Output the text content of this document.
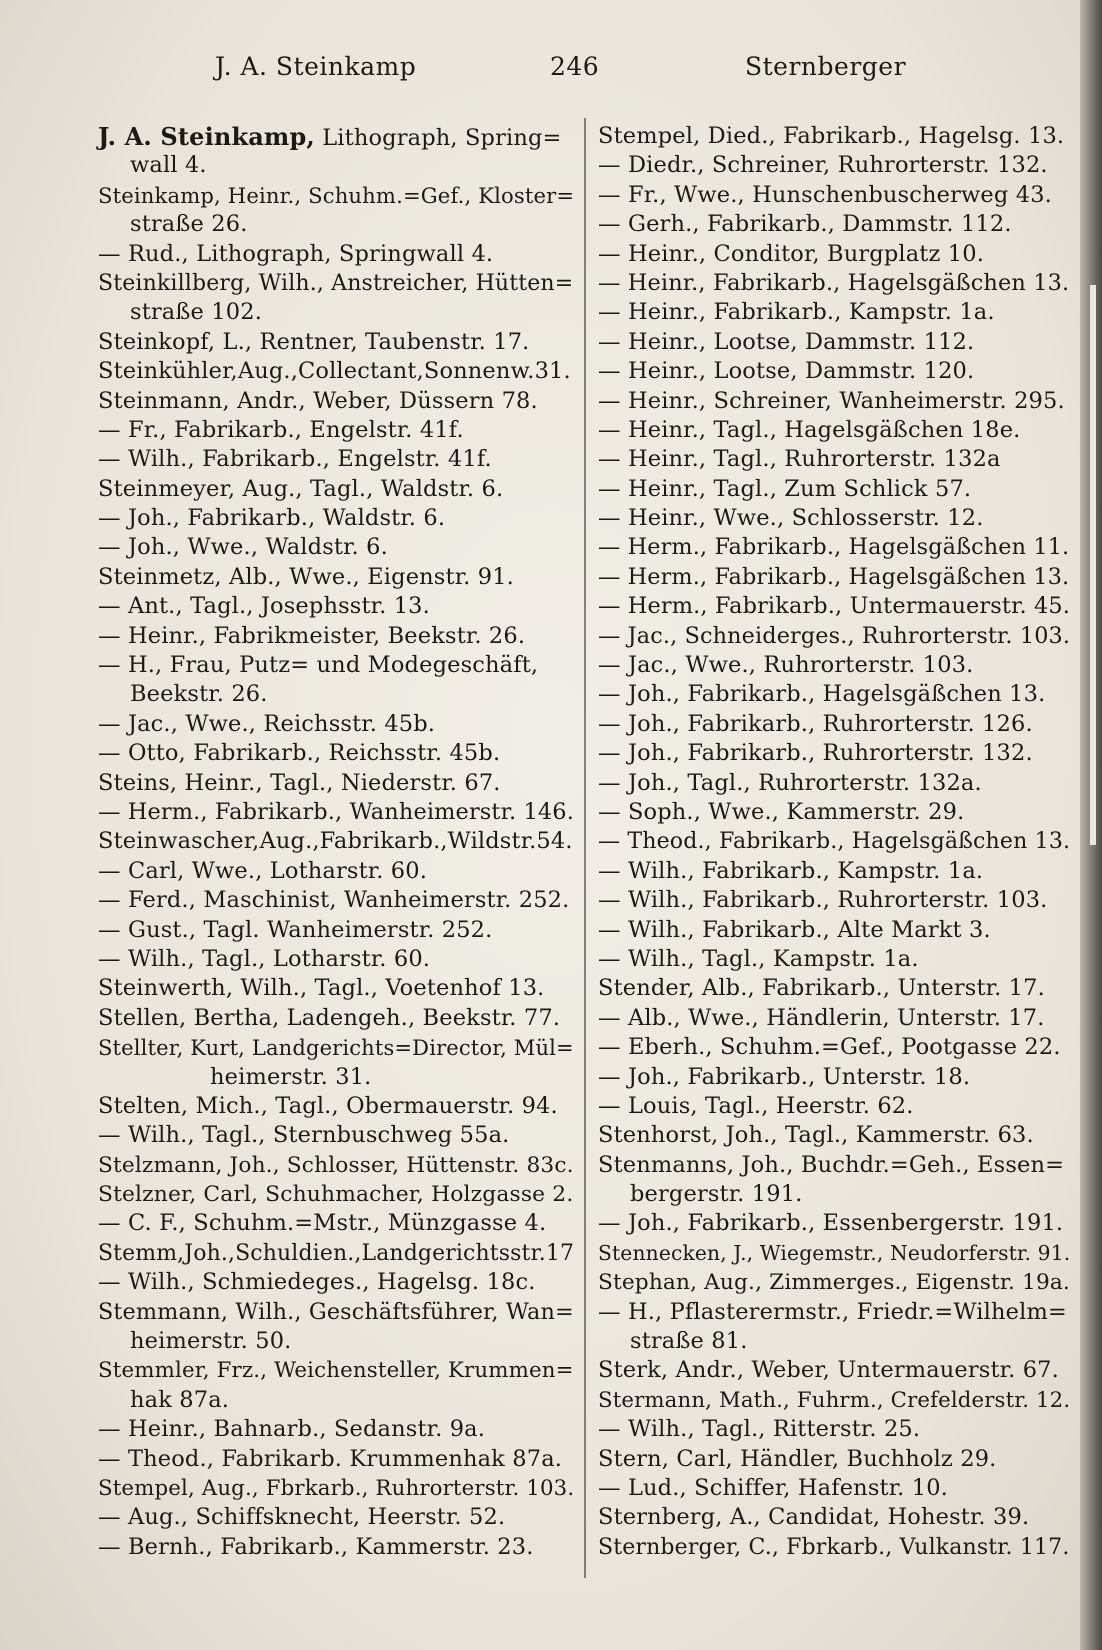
J. A. Steinkamp	246	Sternberger
J. A. Steinkamp, Lithograph, Spring=
wall 4.
Steinkamp, Heinr., Schuhm.=Gef., Kloster=
straße 26.
— Rud., Lithograph, Springwall 4.
Steinkillberg, Wilh., Anstreicher, Hütten=
straße 102.
Steinkopf, L., Rentner, Taubenstr. 17.
Steinkühler,Aug.,Collectant,Sonnenw.31.
Steinmann, Andr., Weber, Düssern 78.
— Fr., Fabrikarb., Engelstr. 41f.
— Wilh., Fabrikarb., Engelstr. 41f.
Steinmeyer, Aug., Tagl., Waldstr. 6.
— Joh., Fabrikarb., Waldstr. 6.
— Joh., Wwe., Waldstr. 6.
Steinmetz, Alb., Wwe., Eigenstr. 91.
— Ant., Tagl., Josephsstr. 13.
— Heinr., Fabrikmeister, Beekstr. 26.
— H., Frau, Putz= und Modegeschäft,
Beekstr. 26.
— Jac., Wwe., Reichsstr. 45b.
— Otto, Fabrikarb., Reichsstr. 45b.
Steins, Heinr., Tagl., Niederstr. 67.
— Herm., Fabrikarb., Wanheimerstr. 146.
Steinwascher,Aug.,Fabrikarb.,Wildstr.54.
— Carl, Wwe., Lotharstr. 60.
— Ferd., Maschinist, Wanheimerstr. 252.
— Gust., Tagl. Wanheimerstr. 252.
— Wilh., Tagl., Lotharstr. 60.
Steinwerth, Wilh., Tagl., Voetenhof 13.
Stellen, Bertha, Ladengeh., Beekstr. 77.
Stellter, Kurt, Landgerichts=Director, Mül=
heimerstr. 31.
Stelten, Mich., Tagl., Obermauerstr. 94.
— Wilh., Tagl., Sternbuschweg 55a.
Stelzmann, Joh., Schlosser, Hüttenstr. 83c.
Stelzner, Carl, Schuhmacher, Holzgasse 2.
— C. F., Schuhm.=Mstr., Münzgasse 4.
Stemm,Joh.,Schuldien.,Landgerichtsstr.17
— Wilh., Schmiedeges., Hagelsg. 18c.
Stemmann, Wilh., Geschäftsführer, Wan=
heimerstr. 50.
Stemmler, Frz., Weichensteller, Krummen=
hak 87a.
— Heinr., Bahnarb., Sedanstr. 9a.
— Theod., Fabrikarb. Krummenhak 87a.
Stempel, Aug., Fbrkarb., Ruhrorterstr. 103.
— Aug., Schiffsknecht, Heerstr. 52.
— Bernh., Fabrikarb., Kammerstr. 23.
Stempel, Died., Fabrikarb., Hagelsg. 13.
— Diedr., Schreiner, Ruhrorterstr. 132.
— Fr., Wwe., Hunschenbuscherweg 43.
— Gerh., Fabrikarb., Dammstr. 112.
— Heinr., Conditor, Burgplatz 10.
— Heinr., Fabrikarb., Hagelsgäßchen 13.
— Heinr., Fabrikarb., Kampstr. 1a.
— Heinr., Lootse, Dammstr. 112.
— Heinr., Lootse, Dammstr. 120.
— Heinr., Schreiner, Wanheimerstr. 295.
— Heinr., Tagl., Hagelsgäßchen 18e.
— Heinr., Tagl., Ruhrorterstr. 132a
— Heinr., Tagl., Zum Schlick 57.
— Heinr., Wwe., Schlosserstr. 12.
— Herm., Fabrikarb., Hagelsgäßchen 11.
— Herm., Fabrikarb., Hagelsgäßchen 13.
— Herm., Fabrikarb., Untermauerstr. 45.
— Jac., Schneiderges., Ruhrorterstr. 103.
— Jac., Wwe., Ruhrorterstr. 103.
— Joh., Fabrikarb., Hagelsgäßchen 13.
— Joh., Fabrikarb., Ruhrorterstr. 126.
— Joh., Fabrikarb., Ruhrorterstr. 132.
— Joh., Tagl., Ruhrorterstr. 132a.
— Soph., Wwe., Kammerstr. 29.
— Theod., Fabrikarb., Hagelsgäßchen 13.
— Wilh., Fabrikarb., Kampstr. 1a.
— Wilh., Fabrikarb., Ruhrorterstr. 103.
— Wilh., Fabrikarb., Alte Markt 3.
— Wilh., Tagl., Kampstr. 1a.
Stender, Alb., Fabrikarb., Unterstr. 17.
— Alb., Wwe., Händlerin, Unterstr. 17.
— Eberh., Schuhm.=Gef., Pootgasse 22.
— Joh., Fabrikarb., Unterstr. 18.
— Louis, Tagl., Heerstr. 62.
Stenhorst, Joh., Tagl., Kammerstr. 63.
Stenmanns, Joh., Buchdr.=Geh., Essen=
bergerstr. 191.
— Joh., Fabrikarb., Essenbergerstr. 191.
Stennecken, J., Wiegemstr., Neudorferstr. 91.
Stephan, Aug., Zimmerges., Eigenstr. 19a.
— H., Pflasterermstr., Friedr.=Wilhelm=
straße 81.
Sterk, Andr., Weber, Untermauerstr. 67.
Stermann, Math., Fuhrm., Crefelderstr. 12.
— Wilh., Tagl., Ritterstr. 25.
Stern, Carl, Händler, Buchholz 29.
— Lud., Schiffer, Hafenstr. 10.
Sternberg, A., Candidat, Hohestr. 39.
Sternberger, C., Fbrkarb., Vulkanstr. 117.
